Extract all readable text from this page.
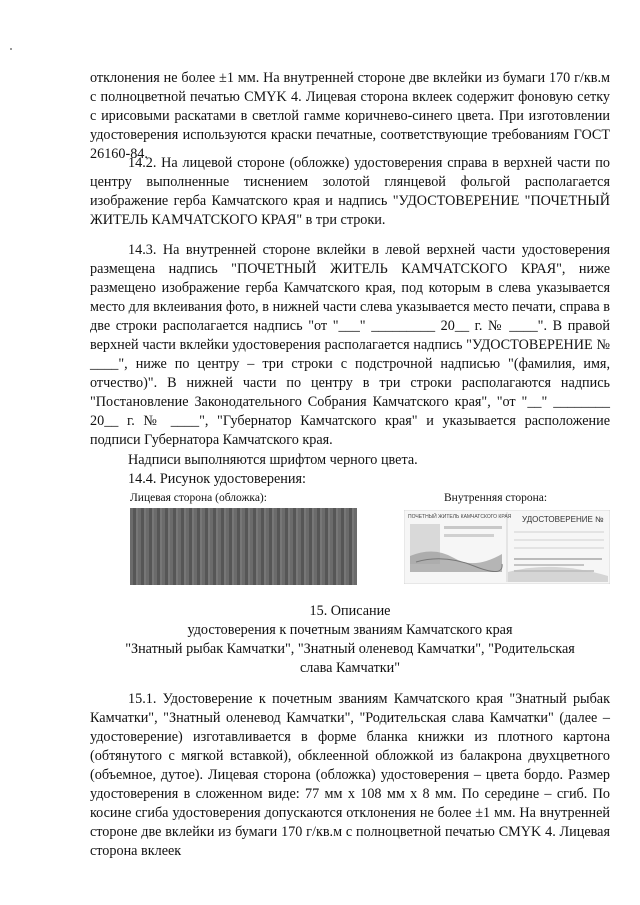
отклонения не более ±1 мм. На внутренней стороне две вклейки из бумаги 170 г/кв.м с полноцветной печатью CMYK 4. Лицевая сторона вклеек содержит фоновую сетку с ирисовыми раскатами в светлой гамме коричнево-синего цвета. При изготовлении удостоверения используются краски печатные, соответствующие требованиям ГОСТ 26160-84.

14.2. На лицевой стороне (обложке) удостоверения справа в верхней части по центру выполненные тиснением золотой глянцевой фольгой располагается изображение герба Камчатского края и надпись "УДОСТОВЕРЕНИЕ "ПОЧЕТНЫЙ ЖИТЕЛЬ КАМЧАТСКОГО КРАЯ" в три строки.

14.3. На внутренней стороне вклейки в левой верхней части удостоверения размещена надпись "ПОЧЕТНЫЙ ЖИТЕЛЬ КАМЧАТСКОГО КРАЯ", ниже размещено изображение герба Камчатского края, под которым в слева указывается место для вклеивания фото, в нижней части слева указывается место печати, справа в две строки располагается надпись "от "___" _________ 20__ г. № ____". В правой верхней части вклейки удостоверения располагается надпись "УДОСТОВЕРЕНИЕ № ____", ниже по центру – три строки с подстрочной надписью "(фамилия, имя, отчество)". В нижней части по центру в три строки располагаются надпись "Постановление Законодательного Собрания Камчатского края", "от "__" ________ 20__ г. № ____", "Губернатор Камчатского края" и указывается расположение подписи Губернатора Камчатского края.

Надписи выполняются шрифтом черного цвета.
14.4. Рисунок удостоверения:
Лицевая сторона (обложка):	Внутренняя сторона:
ПОЧЕТНЫЙ ЖИТЕЛЬ КАМЧАТСКОГО КРАЯ УДОСТОВЕРЕНИЕ №
15. Описание
удостоверения к почетным званиям Камчатского края
"Знатный рыбак Камчатки", "Знатный оленевод Камчатки", "Родительская
слава Камчатки"

15.1. Удостоверение к почетным званиям Камчатского края "Знатный рыбак Камчатки", "Знатный оленевод Камчатки", "Родительская слава Камчатки" (далее – удостоверение) изготавливается в форме бланка книжки из плотного картона (обтянутого с мягкой вставкой), обклеенной обложкой из балакрона двухцветного (объемное, дутое). Лицевая сторона (обложка) удостоверения – цвета бордо. Размер удостоверения в сложенном виде: 77 мм х 108 мм х 8 мм. По середине – сгиб. По косине сгиба удостоверения допускаются отклонения не более ±1 мм. На внутренней стороне две вклейки из бумаги 170 г/кв.м с полноцветной печатью CMYK 4. Лицевая сторона вклеек
